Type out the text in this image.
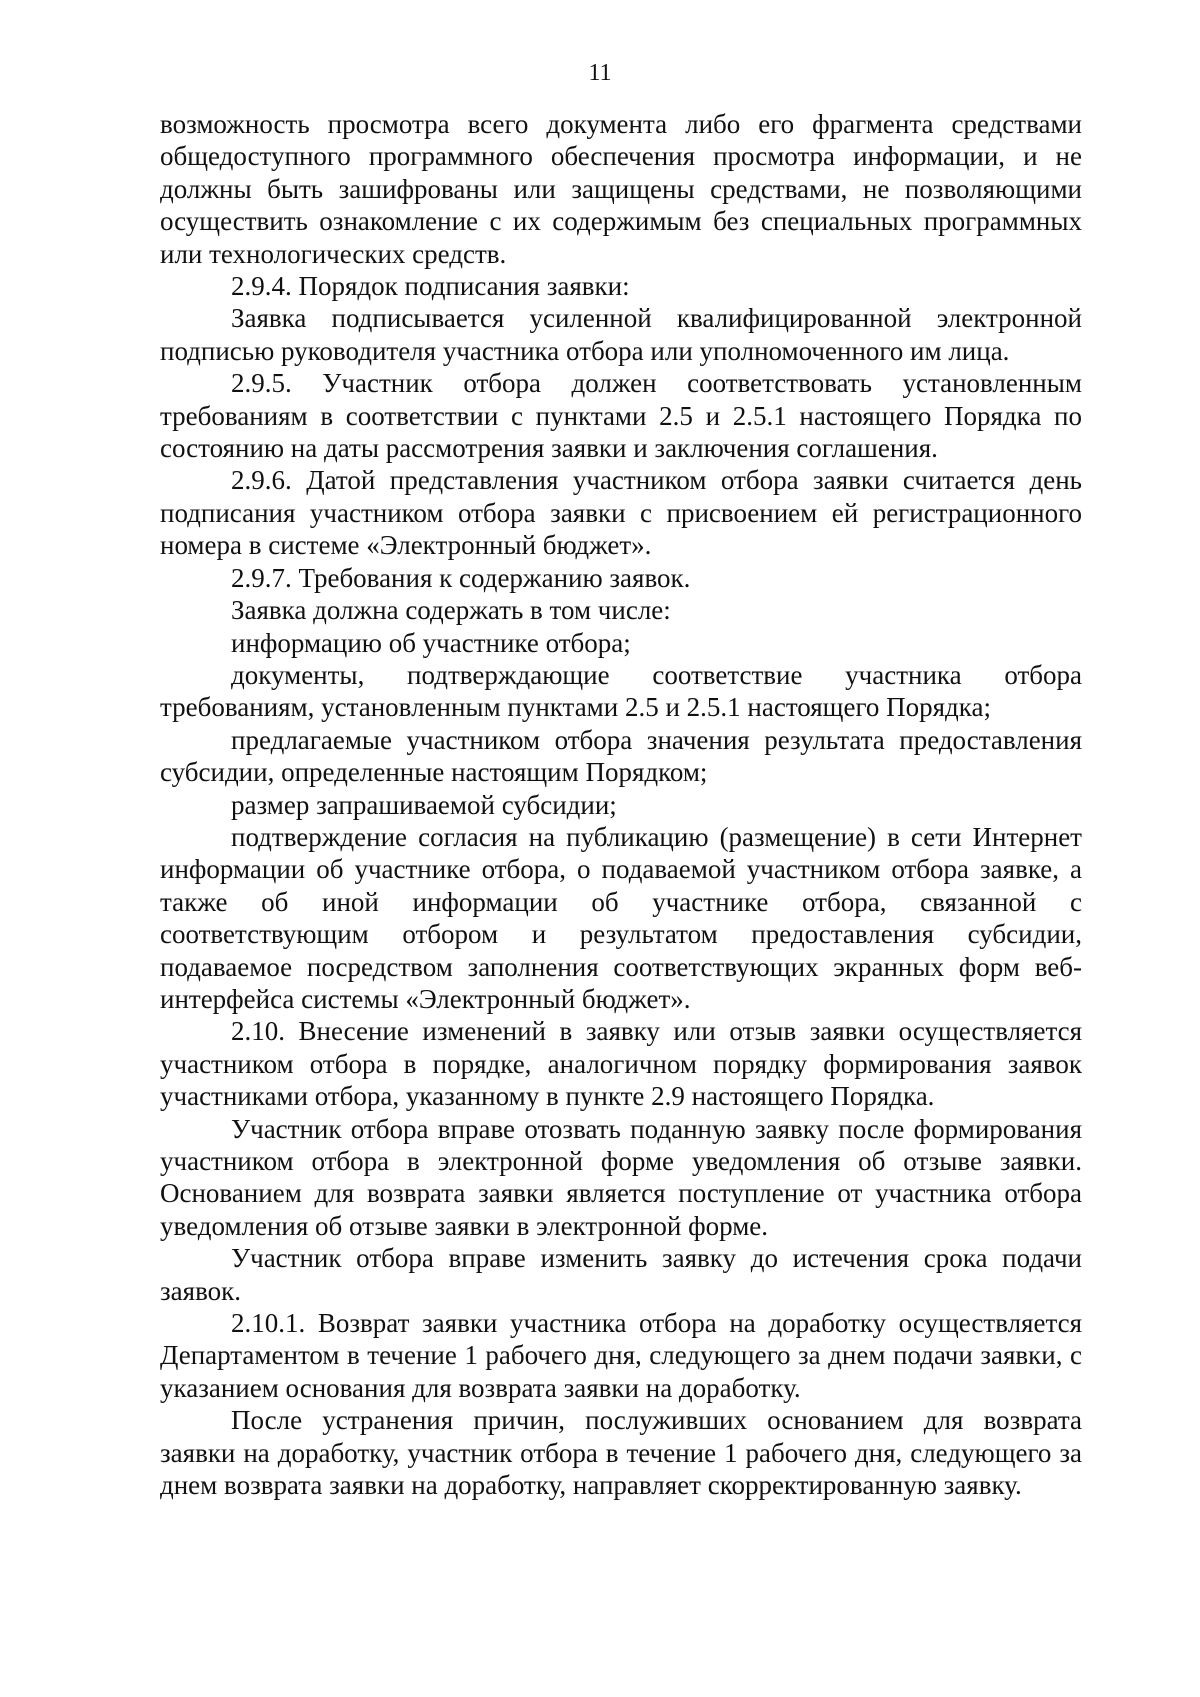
11

возможность просмотра всего документа либо его фрагмента средствами общедоступного программного обеспечения просмотра информации, и не должны быть зашифрованы или защищены средствами, не позволяющими осуществить ознакомление с их содержимым без специальных программных или технологических средств.

2.9.4. Порядок подписания заявки:

Заявка подписывается усиленной квалифицированной электронной подписью руководителя участника отбора или уполномоченного им лица.

2.9.5. Участник отбора должен соответствовать установленным требованиям в соответствии с пунктами 2.5 и 2.5.1 настоящего Порядка по состоянию на даты рассмотрения заявки и заключения соглашения.

2.9.6. Датой представления участником отбора заявки считается день подписания участником отбора заявки с присвоением ей регистрационного номера в системе «Электронный бюджет».

2.9.7. Требования к содержанию заявок.

Заявка должна содержать в том числе:

информацию об участнике отбора;

документы, подтверждающие соответствие участника отбора требованиям, установленным пунктами 2.5 и 2.5.1 настоящего Порядка;

предлагаемые участником отбора значения результата предоставления субсидии, определенные настоящим Порядком;

размер запрашиваемой субсидии;

подтверждение согласия на публикацию (размещение) в сети Интернет информации об участнике отбора, о подаваемой участником отбора заявке, а также об иной информации об участнике отбора, связанной с соответствующим отбором и результатом предоставления субсидии, подаваемое посредством заполнения соответствующих экранных форм веб-интерфейса системы «Электронный бюджет».

2.10. Внесение изменений в заявку или отзыв заявки осуществляется участником отбора в порядке, аналогичном порядку формирования заявок участниками отбора, указанному в пункте 2.9 настоящего Порядка.

Участник отбора вправе отозвать поданную заявку после формирования участником отбора в электронной форме уведомления об отзыве заявки. Основанием для возврата заявки является поступление от участника отбора уведомления об отзыве заявки в электронной форме.

Участник отбора вправе изменить заявку до истечения срока подачи заявок.

2.10.1. Возврат заявки участника отбора на доработку осуществляется Департаментом в течение 1 рабочего дня, следующего за днем подачи заявки, с указанием основания для возврата заявки на доработку.

После устранения причин, послуживших основанием для возврата заявки на доработку, участник отбора в течение 1 рабочего дня, следующего за днем возврата заявки на доработку, направляет скорректированную заявку.
